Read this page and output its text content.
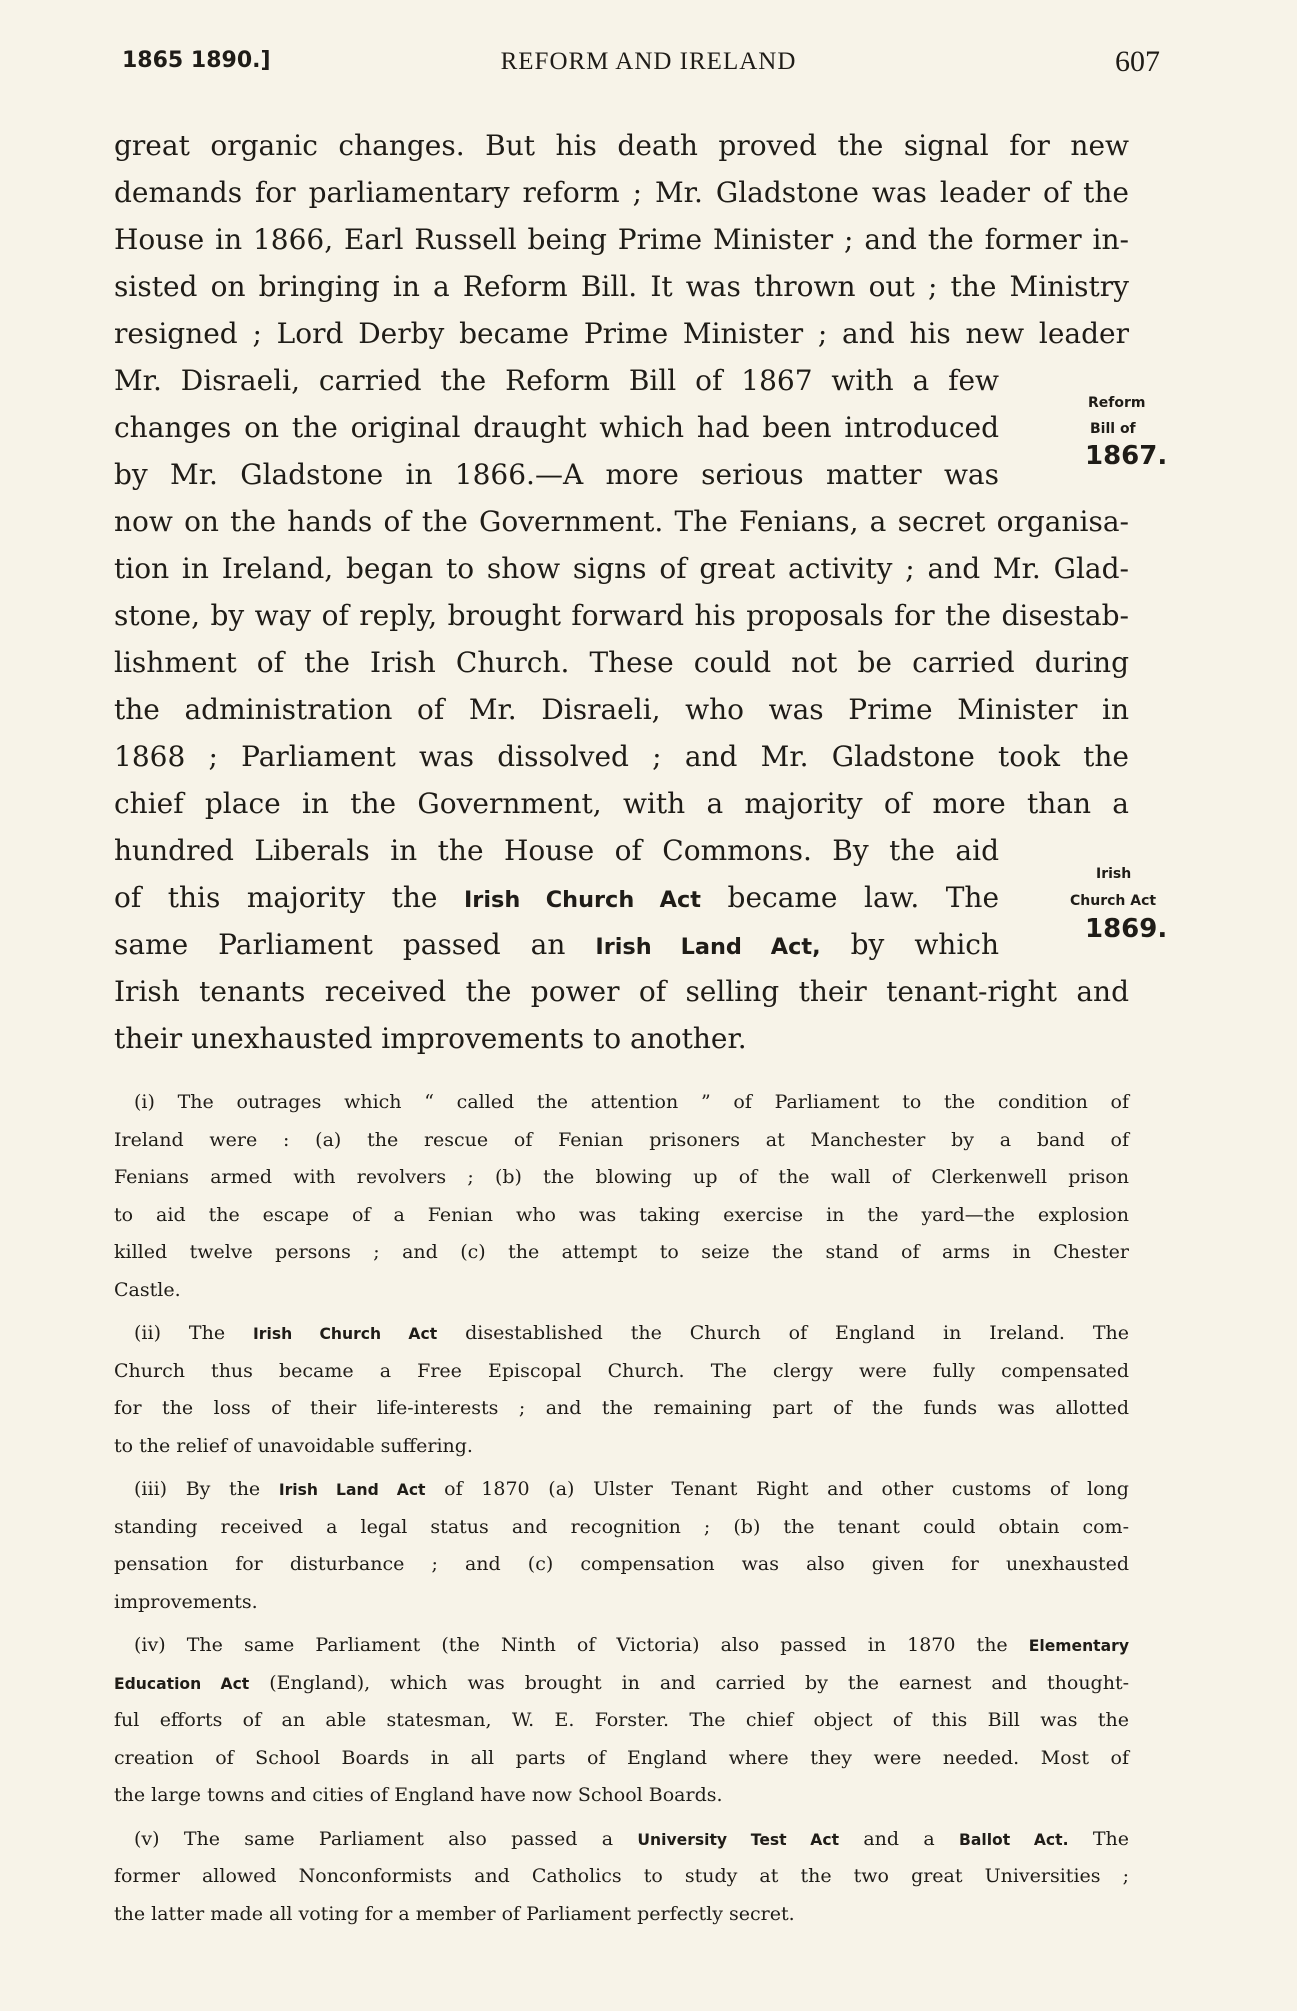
1865 1890.]	REFORM AND IRELAND	607
great organic changes. But his death proved the signal for new
demands for parliamentary reform ; Mr. Gladstone was leader of the
House in 1866, Earl Russell being Prime Minister ; and the former in-
sisted on bringing in a Reform Bill. It was thrown out ; the Ministry
resigned ; Lord Derby became Prime Minister ; and his new leader
Mr. Disraeli, carried the Reform Bill of 1867 with a few
changes on the original draught which had been introduced
by Mr. Gladstone in 1866.—A more serious matter was
now on the hands of the Government. The Fenians, a secret organisa-
tion in Ireland, began to show signs of great activity ; and Mr. Glad-
stone, by way of reply, brought forward his proposals for the disestab-
lishment of the Irish Church. These could not be carried during
the administration of Mr. Disraeli, who was Prime Minister in
1868 ; Parliament was dissolved ; and Mr. Gladstone took the
chief place in the Government, with a majority of more than a
hundred Liberals in the House of Commons. By the aid
of this majority the Irish Church Act became law. The
same Parliament passed an Irish Land Act, by which
Irish tenants received the power of selling their tenant-right and
their unexhausted improvements to another.
Reform
Bill of
1867.
Irish
Church Act
1869.
(i) The outrages which “ called the attention ” of Parliament to the condition of
Ireland were : (a) the rescue of Fenian prisoners at Manchester by a band of
Fenians armed with revolvers ; (b) the blowing up of the wall of Clerkenwell prison
to aid the escape of a Fenian who was taking exercise in the yard—the explosion
killed twelve persons ; and (c) the attempt to seize the stand of arms in Chester
Castle.
(ii) The Irish Church Act disestablished the Church of England in Ireland. The
Church thus became a Free Episcopal Church. The clergy were fully compensated
for the loss of their life-interests ; and the remaining part of the funds was allotted
to the relief of unavoidable suffering.
(iii) By the Irish Land Act of 1870 (a) Ulster Tenant Right and other customs of long
standing received a legal status and recognition ; (b) the tenant could obtain com-
pensation for disturbance ; and (c) compensation was also given for unexhausted
improvements.
(iv) The same Parliament (the Ninth of Victoria) also passed in 1870 the Elementary
Education Act (England), which was brought in and carried by the earnest and thought-
ful efforts of an able statesman, W. E. Forster. The chief object of this Bill was the
creation of School Boards in all parts of England where they were needed. Most of
the large towns and cities of England have now School Boards.
(v) The same Parliament also passed a University Test Act and a Ballot Act. The
former allowed Nonconformists and Catholics to study at the two great Universities ;
the latter made all voting for a member of Parliament perfectly secret.
